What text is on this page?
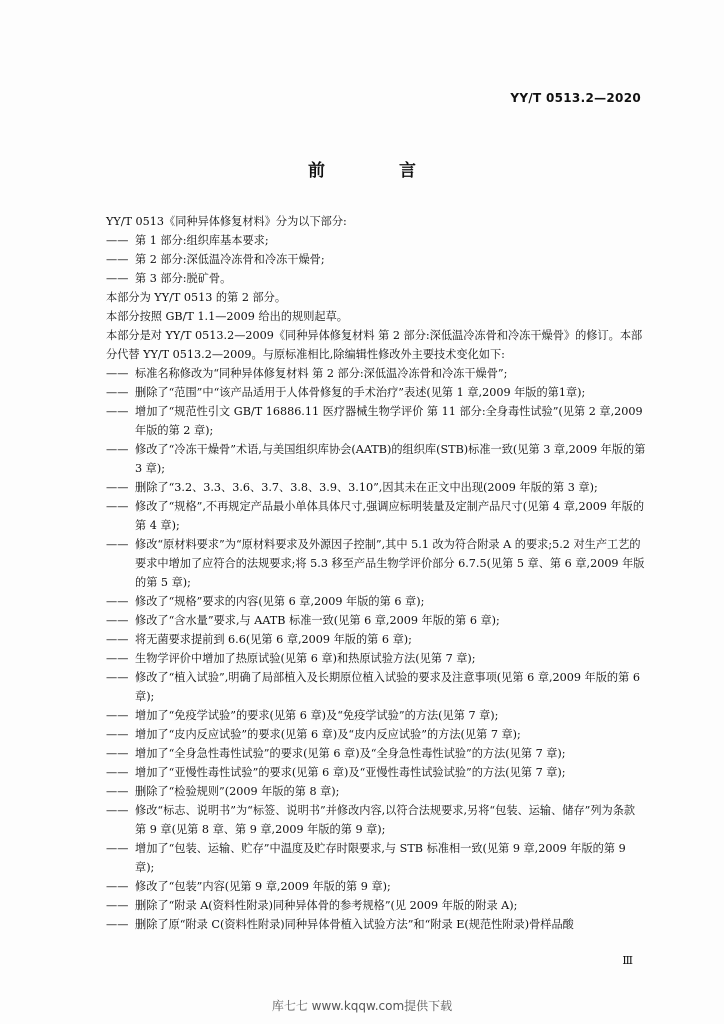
YY/T 0513.2—2020
前 言
YY/T 0513《同种异体修复材料》分为以下部分:
—— 第 1 部分:组织库基本要求;
—— 第 2 部分:深低温冷冻骨和冷冻干燥骨;
—— 第 3 部分:脱矿骨。
本部分为 YY/T 0513 的第 2 部分。
本部分按照 GB/T 1.1—2009 给出的规则起草。
本部分是对 YY/T 0513.2—2009《同种异体修复材料 第 2 部分:深低温冷冻骨和冷冻干燥骨》的修订。本部分代替 YY/T 0513.2—2009。与原标准相比,除编辑性修改外主要技术变化如下:
—— 标准名称修改为“同种异体修复材料 第 2 部分:深低温冷冻骨和冷冻干燥骨”;
—— 删除了“范围”中“该产品适用于人体骨修复的手术治疗”表述(见第 1 章,2009 年版的第1章);
—— 增加了“规范性引文 GB/T 16886.11 医疗器械生物学评价 第 11 部分:全身毒性试验”(见第 2 章,2009 年版的第 2 章);
—— 修改了“冷冻干燥骨”术语,与美国组织库协会(AATB)的组织库(STB)标准一致(见第 3 章,2009 年版的第 3 章);
—— 删除了“3.2、3.3、3.6、3.7、3.8、3.9、3.10”,因其未在正文中出现(2009 年版的第 3 章);
—— 修改了“规格”,不再规定产品最小单体具体尺寸,强调应标明装量及定制产品尺寸(见第 4 章,2009 年版的第 4 章);
—— 修改“原材料要求”为“原材料要求及外源因子控制”,其中 5.1 改为符合附录 A 的要求;5.2 对生产工艺的要求中增加了应符合的法规要求;将 5.3 移至产品生物学评价部分 6.7.5(见第 5 章、第 6 章,2009 年版的第 5 章);
—— 修改了“规格”要求的内容(见第 6 章,2009 年版的第 6 章);
—— 修改了“含水量”要求,与 AATB 标准一致(见第 6 章,2009 年版的第 6 章);
—— 将无菌要求提前到 6.6(见第 6 章,2009 年版的第 6 章);
—— 生物学评价中增加了热原试验(见第 6 章)和热原试验方法(见第 7 章);
—— 修改了“植入试验”,明确了局部植入及长期原位植入试验的要求及注意事项(见第 6 章,2009 年版的第 6 章);
—— 增加了“免疫学试验”的要求(见第 6 章)及“免疫学试验”的方法(见第 7 章);
—— 增加了“皮内反应试验”的要求(见第 6 章)及“皮内反应试验”的方法(见第 7 章);
—— 增加了“全身急性毒性试验”的要求(见第 6 章)及“全身急性毒性试验”的方法(见第 7 章);
—— 增加了“亚慢性毒性试验”的要求(见第 6 章)及“亚慢性毒性试验试验”的方法(见第 7 章);
—— 删除了“检验规则”(2009 年版的第 8 章);
—— 修改“标志、说明书”为“标签、说明书”并修改内容,以符合法规要求,另将“包装、运输、储存”列为条款第 9 章(见第 8 章、第 9 章,2009 年版的第 9 章);
—— 增加了“包装、运输、贮存”中温度及贮存时限要求,与 STB 标准相一致(见第 9 章,2009 年版的第 9 章);
—— 修改了“包装”内容(见第 9 章,2009 年版的第 9 章);
—— 删除了“附录 A(资料性附录)同种异体骨的参考规格”(见 2009 年版的附录 A);
—— 删除了原“附录 C(资料性附录)同种异体骨植入试验方法”和“附录 E(规范性附录)骨样品酸
Ⅲ
库七七 www.kqqw.com提供下载
